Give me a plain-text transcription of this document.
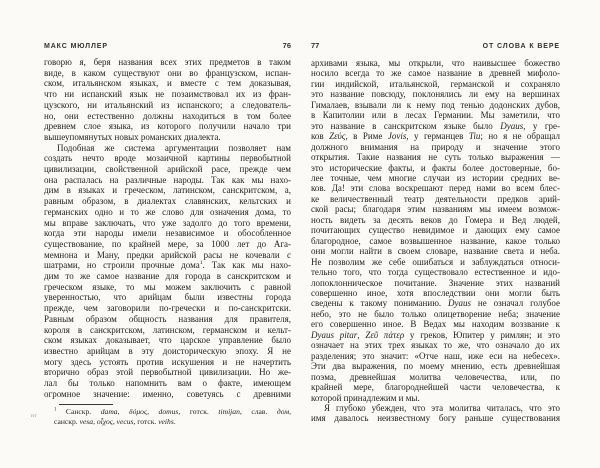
МАКС МЮЛЛЕР	76
говорю я, беря названия всех этих предметов в таком
виде, в каком существуют они во французском, испан-
ском, итальянском языках, и вместе с тем доказывая,
что ни испанский язык не позаимствовал их из фран-
цузского, ни итальянский из испанского; а следователь-
но, они естественно должны находиться в том более
древнем слое языка, из которого получили начало три
вышеупомянутых новых романских диалекта.
Подобная же система аргументации позволяет нам
создать нечто вроде мозаичной картины первобытной
цивилизации, свойственной арийской расе, прежде чем
она распалась на различные народы. Так как мы нахо-
дим в языках и греческом, латинском, санскритском, а,
равным образом, в диалектах славянских, кельтских и
германских одно и то же слово для означения дома, то
мы вправе заключать, что уже задолго до того времени,
когда эти народы имели независимое и обособленное
существование, по крайней мере, за 1000 лет до Ага-
мемнона и Ману, предки арийской расы не кочевали с
шатрами, но строили прочные дома$^1$. Так как мы нахо-
дим то же самое название для города в санскритском и
греческом языке, то мы можем заключить с равной
уверенностью, что арийцам были известны города
прежде, чем заговорили по-гречески и по-санскритски.
Равным образом общность названия для правителя,
короля в санскритском, латинском, германском и кельт-
ском языках доказывает, что царское управление было
известно арийцам в эту доисторическую эпоху. Я не
могу здесь устоять против искушения и не начертить
вторично образ этой первобытной цивилизации. Но же-
лал бы только напомнить вам о факте, имеющем
огромное значение: именно, советуясь с древними
$^1$ Санскр. dama, δόμος, domus, готск. timijan, слав. дом,
санскр. vesa, οἶχος, vecus, готск. veihs.
нт
77	ОТ СЛОВА К ВЕРЕ
архивами языка, мы открыли, что наивысшее божество
носило всегда то же самое название в древней мифоло-
гии индийской, итальянской, германской и сохраняло
это название повсюду, поклонялись ли ему на вершинах
Гималаев, взывали ли к нему под тенью додонских дубов,
в Капитолии или в лесах Германии. Мы заметили, что
это название в санскритском языке было Dyaus, у гре-
ков Ζεύς, в Риме Jovis, у германцев Tiu; но я не обращал
должного внимания на природу и значение этого
открытия. Такие названия не суть только выражения —
это исторические факты, и факты более достоверные, бо-
лее точные, чем многие случаи из истории средних ве-
ков. Да! эти слова воскрешают перед нами во всем блес-
ке величественный театр деятельности предков арий-
ской расы; благодаря этим названиям мы имеем возмож-
ность видеть за десять веков до Гомера и Вед людей,
почитающих существо невидимое и дающих ему самое
благородное, самое возвышенное название, какое только
они могли найти в своем словаре, название света и неба.
Не позволим же себе ошибаться и заблуждаться относи-
тельно того, что тогда существовало естественное и идо-
лопоклонническое почитание. Значение этих названий
совершенно иное, хотя впоследствии они могли быть
сведены к такому пониманию. Dyaus не означал голубое
небо, это не было только олицетворение неба; значение
его совершенно иное. В Ведах мы находим воззвание к
Dyaus pitar, Ζεῦ πάτερ у греков, Юпитер у римлян; и это
означает на этих трех языках то же, что означало до их
разделения; это значит: «Отче наш, иже еси на небесех».
Эти два выражения, по моему мнению, есть древнейшая
поэма, древнейшая молитва человечества, или, по
крайней мере, благороднейшей части человечества, к
которой принадлежим и мы.
Я глубоко убежден, что эта молитва читалась, что это
имя давалось неизвестному богу раньше существования
